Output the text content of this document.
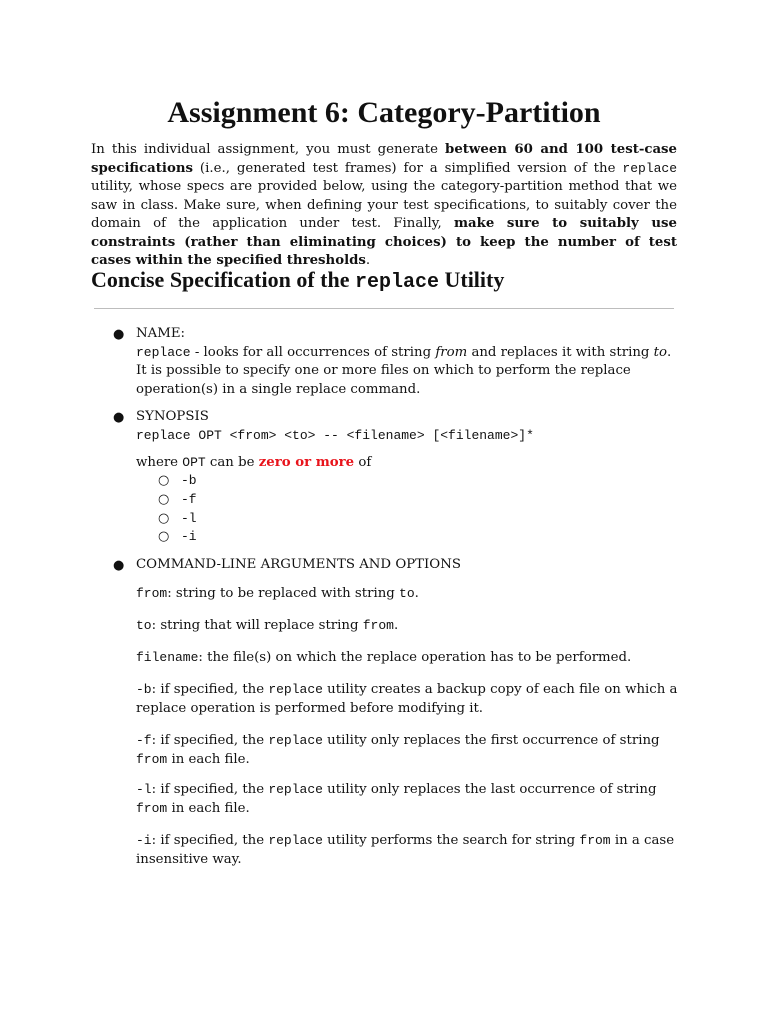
Assignment 6: Category-Partition

In this individual assignment, you must generate between 60 and 100 test-case specifications (i.e., generated test frames) for a simplified version of the replace utility, whose specs are provided below, using the category-partition method that we saw in class. Make sure, when defining your test specifications, to suitably cover the domain of the application under test. Finally, make sure to suitably use constraints (rather than eliminating choices) to keep the number of test cases within the specified thresholds.

Concise Specification of the replace Utility
● NAME:
replace - looks for all occurrences of string from and replaces it with string to. It is possible to specify one or more files on which to perform the replace operation(s) in a single replace command.
● SYNOPSIS
replace OPT <from> <to> -- <filename> [<filename>]*
where OPT can be zero or more of
○ -b
○ -f
○ -l
○ -i
● COMMAND-LINE ARGUMENTS AND OPTIONS
from: string to be replaced with string to.
to: string that will replace string from.
filename: the file(s) on which the replace operation has to be performed.
-b: if specified, the replace utility creates a backup copy of each file on which a replace operation is performed before modifying it.
-f: if specified, the replace utility only replaces the first occurrence of string from in each file.
-l: if specified, the replace utility only replaces the last occurrence of string from in each file.
-i: if specified, the replace utility performs the search for string from in a case insensitive way.
